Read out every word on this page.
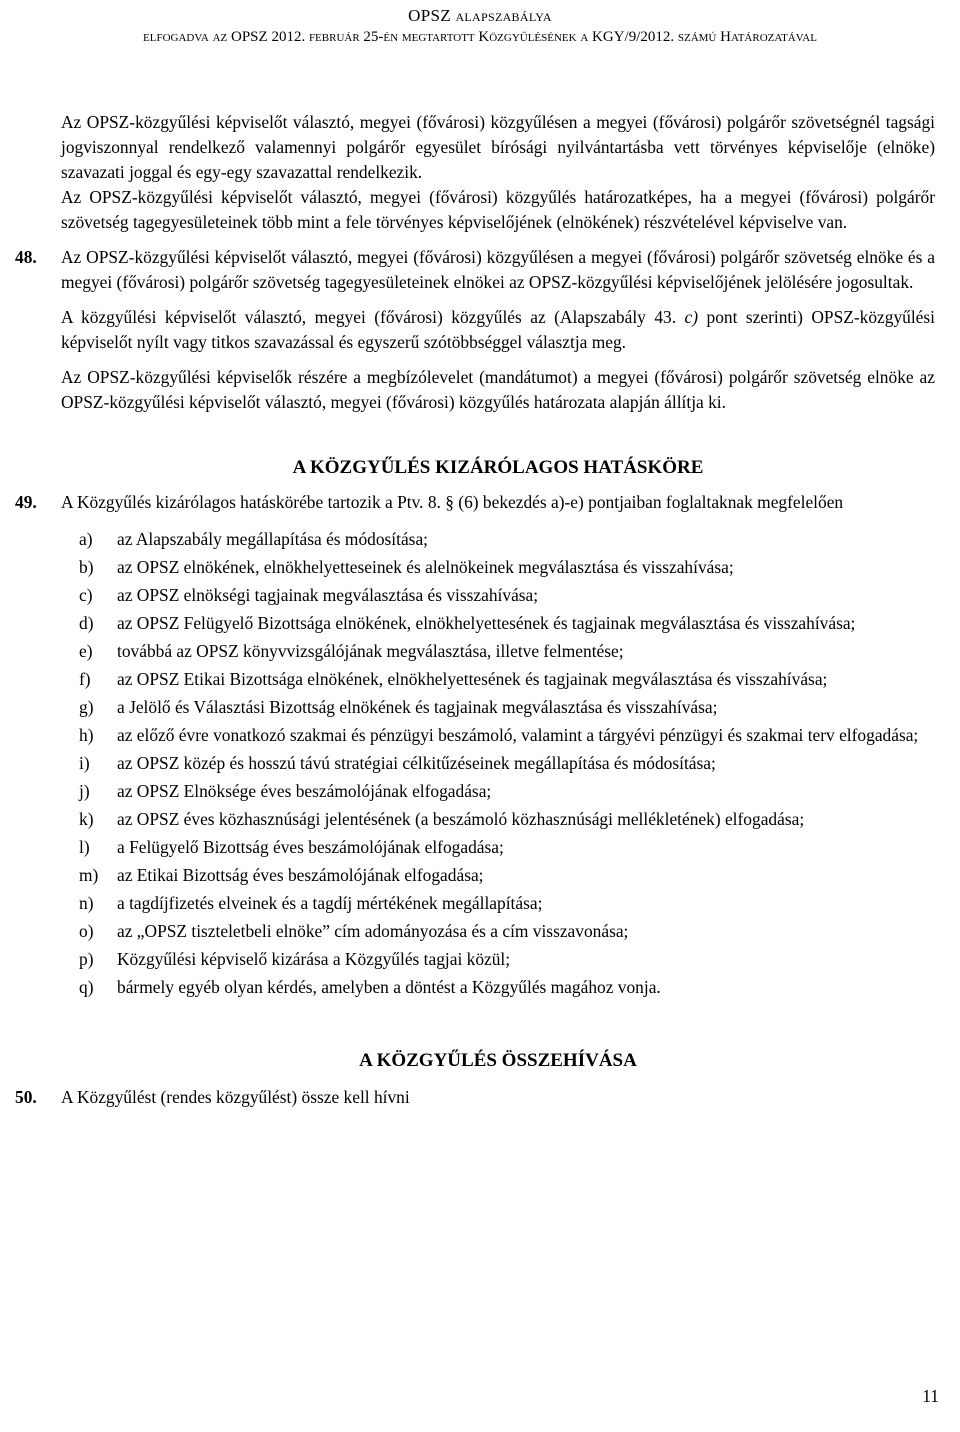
OPSZ alapszabálya
elfogadva az OPSZ 2012. február 25-én megtartott Közgyűlésének a KGY/9/2012. számú Határozatával

Az OPSZ-közgyűlési képviselőt választó, megyei (fővárosi) közgyűlésen a megyei (fővárosi) polgárőr szövetségnél tagsági jogviszonnyal rendelkező valamennyi polgárőr egyesület bírósági nyilvántartásba vett törvényes képviselője (elnöke) szavazati joggal és egy-egy szavazattal rendelkezik.

Az OPSZ-közgyűlési képviselőt választó, megyei (fővárosi) közgyűlés határozatképes, ha a megyei (fővárosi) polgárőr szövetség tagegyesületeinek több mint a fele törvényes képviselőjének (elnökének) részvételével képviselve van.

48. Az OPSZ-közgyűlési képviselőt választó, megyei (fővárosi) közgyűlésen a megyei (fővárosi) polgárőr szövetség elnöke és a megyei (fővárosi) polgárőr szövetség tagegyesületeinek elnökei az OPSZ-közgyűlési képviselőjének jelölésére jogosultak.

A közgyűlési képviselőt választó, megyei (fővárosi) közgyűlés az (Alapszabály 43. c) pont szerinti) OPSZ-közgyűlési képviselőt nyílt vagy titkos szavazással és egyszerű szótöbbséggel választja meg.

Az OPSZ-közgyűlési képviselők részére a megbízólevelet (mandátumot) a megyei (fővárosi) polgárőr szövetség elnöke az OPSZ-közgyűlési képviselőt választó, megyei (fővárosi) közgyűlés határozata alapján állítja ki.

A KÖZGYŰLÉS KIZÁRÓLAGOS HATÁSKÖRE

49. A Közgyűlés kizárólagos hatáskörébe tartozik a Ptv. 8. § (6) bekezdés a)-e) pontjaiban foglaltaknak megfelelően

a) az Alapszabály megállapítása és módosítása;
b) az OPSZ elnökének, elnökhelyetteseinek és alelnökeinek megválasztása és visszahívása;
c) az OPSZ elnökségi tagjainak megválasztása és visszahívása;
d) az OPSZ Felügyelő Bizottsága elnökének, elnökhelyettesének és tagjainak megválasztása és visszahívása;
e) továbbá az OPSZ könyvvizsgálójának megválasztása, illetve felmentése;
f) az OPSZ Etikai Bizottsága elnökének, elnökhelyettesének és tagjainak megválasztása és visszahívása;
g) a Jelölő és Választási Bizottság elnökének és tagjainak megválasztása és visszahívása;
h) az előző évre vonatkozó szakmai és pénzügyi beszámoló, valamint a tárgyévi pénzügyi és szakmai terv elfogadása;
i) az OPSZ közép és hosszú távú stratégiai célkitűzéseinek megállapítása és módosítása;
j) az OPSZ Elnöksége éves beszámolójának elfogadása;
k) az OPSZ éves közhasznúsági jelentésének (a beszámoló közhasznúsági mellékletének) elfogadása;
l) a Felügyelő Bizottság éves beszámolójának elfogadása;
m) az Etikai Bizottság éves beszámolójának elfogadása;
n) a tagdíjfizetés elveinek és a tagdíj mértékének megállapítása;
o) az „OPSZ tiszteletbeli elnöke” cím adományozása és a cím visszavonása;
p) Közgyűlési képviselő kizárása a Közgyűlés tagjai közül;
q) bármely egyéb olyan kérdés, amelyben a döntést a Közgyűlés magához vonja.

A KÖZGYŰLÉS ÖSSZEHÍVÁSA

50. A Közgyűlést (rendes közgyűlést) össze kell hívni

11
